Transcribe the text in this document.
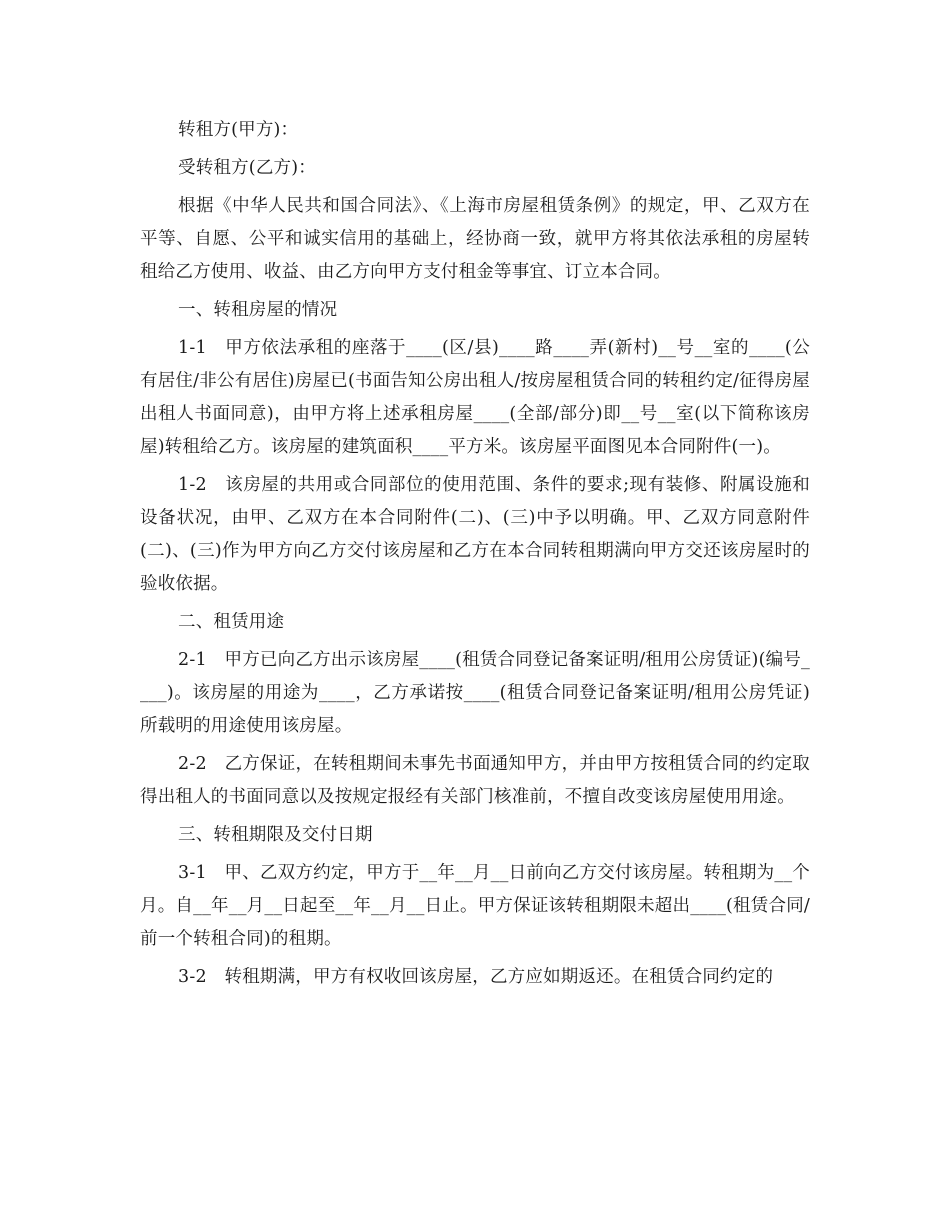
转租方(甲方)：

受转租方(乙方)：

根据《中华人民共和国合同法》、《上海市房屋租赁条例》的规定，甲、乙双方在平等、自愿、公平和诚实信用的基础上，经协商一致，就甲方将其依法承租的房屋转租给乙方使用、收益、由乙方向甲方支付租金等事宜、订立本合同。

一、转租房屋的情况

1-1　甲方依法承租的座落于____(区/县)____路____弄(新村)__号__室的____(公有居住/非公有居住)房屋已(书面告知公房出租人/按房屋租赁合同的转租约定/征得房屋出租人书面同意)，由甲方将上述承租房屋____(全部/部分)即__号__室(以下简称该房屋)转租给乙方。该房屋的建筑面积____平方米。该房屋平面图见本合同附件(一)。

1-2　该房屋的共用或合同部位的使用范围、条件的要求;现有装修、附属设施和设备状况，由甲、乙双方在本合同附件(二)、(三)中予以明确。甲、乙双方同意附件(二)、(三)作为甲方向乙方交付该房屋和乙方在本合同转租期满向甲方交还该房屋时的验收依据。

二、租赁用途

2-1　甲方已向乙方出示该房屋____(租赁合同登记备案证明/租用公房赁证)(编号____)。该房屋的用途为____，乙方承诺按____(租赁合同登记备案证明/租用公房凭证)所载明的用途使用该房屋。

2-2　乙方保证，在转租期间未事先书面通知甲方，并由甲方按租赁合同的约定取得出租人的书面同意以及按规定报经有关部门核准前，不擅自改变该房屋使用用途。

三、转租期限及交付日期

3-1　甲、乙双方约定，甲方于__年__月__日前向乙方交付该房屋。转租期为__个月。自__年__月__日起至__年__月__日止。甲方保证该转租期限未超出____(租赁合同/前一个转租合同)的租期。

3-2　转租期满，甲方有权收回该房屋，乙方应如期返还。在租赁合同约定的
